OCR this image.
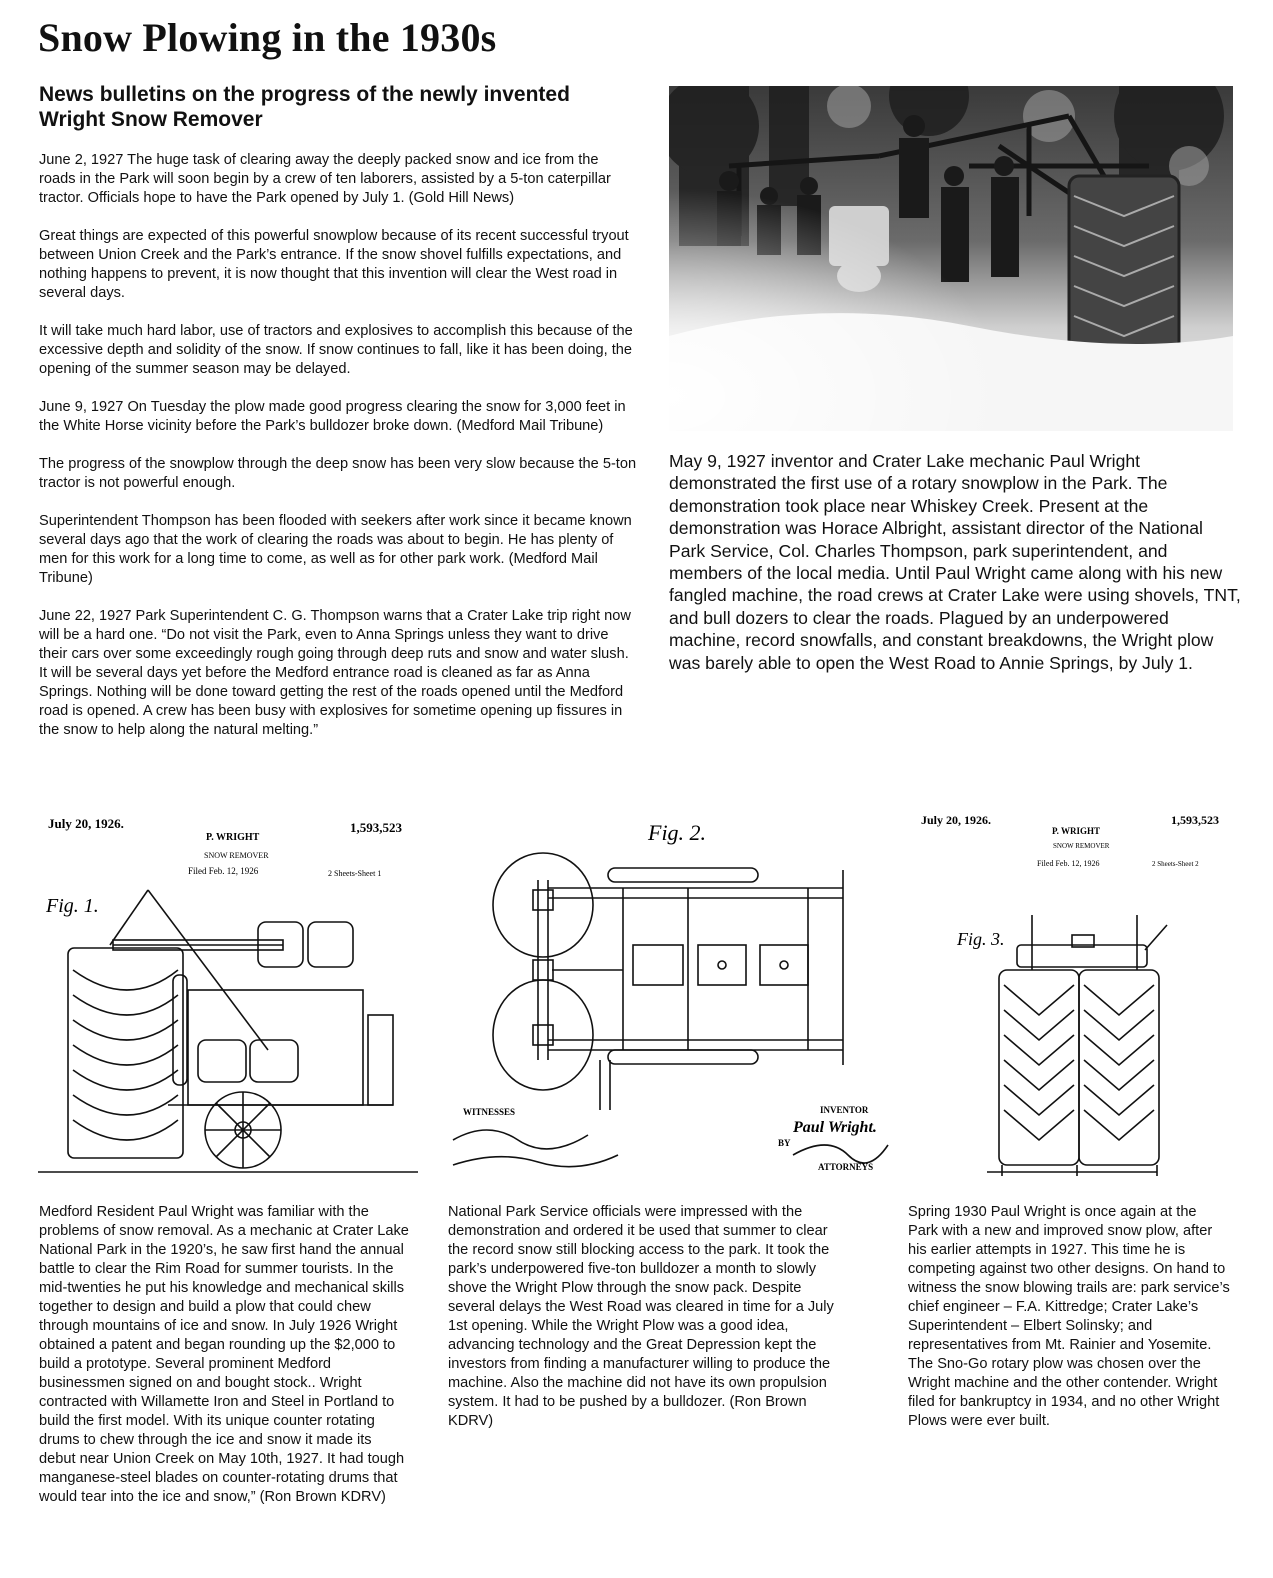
Snow Plowing in the 1930s
News bulletins on the progress of the newly invented Wright Snow Remover

June 2, 1927 The huge task of clearing away the deeply packed snow and ice from the roads in the Park will soon begin by a crew of ten laborers, assisted by a 5-ton caterpillar tractor. Officials hope to have the Park opened by July 1. (Gold Hill News)

Great things are expected of this powerful snowplow because of its recent successful tryout between Union Creek and the Park’s entrance. If the snow shovel fulfills expectations, and nothing happens to prevent, it is now thought that this invention will clear the West road in several days.

It will take much hard labor, use of tractors and explosives to accomplish this because of the excessive depth and solidity of the snow. If snow continues to fall, like it has been doing, the opening of the summer season may be delayed.

June 9, 1927 On Tuesday the plow made good progress clearing the snow for 3,000 feet in the White Horse vicinity before the Park’s bulldozer broke down. (Medford Mail Tribune)

The progress of the snowplow through the deep snow has been very slow because the 5-ton tractor is not powerful enough.

Superintendent Thompson has been flooded with seekers after work since it became known several days ago that the work of clearing the roads was about to begin. He has plenty of men for this work for a long time to come, as well as for other park work. (Medford Mail Tribune)

June 22, 1927 Park Superintendent C. G. Thompson warns that a Crater Lake trip right now will be a hard one. “Do not visit the Park, even to Anna Springs unless they want to drive their cars over some exceedingly rough going through deep ruts and snow and water slush. It will be several days yet before the Medford entrance road is cleaned as far as Anna Springs. Nothing will be done toward getting the rest of the roads opened until the Medford road is opened. A crew has been busy with explosives for sometime opening up fissures in the snow to help along the natural melting.”

May 9, 1927 inventor and Crater Lake mechanic Paul Wright demonstrated the first use of a rotary snowplow in the Park. The demonstration took place near Whiskey Creek. Present at the demonstration was Horace Albright, assistant director of the National Park Service, Col. Charles Thompson, park superintendent, and members of the local media. Until Paul Wright came along with his new fangled machine, the road crews at Crater Lake were using shovels, TNT, and bull dozers to clear the roads. Plagued by an underpowered machine, record snowfalls, and constant breakdowns, the Wright plow was barely able to open the West Road to Annie Springs, by July 1.
July 20, 1926.	1,593,523
P. WRIGHT
SNOW REMOVER
Filed Feb. 12, 1926	2 Sheets-Sheet 1
Fig. 1.
Fig. 2.
WITNESSES	INVENTOR
Paul Wright.
BY
ATTORNEYS
July 20, 1926.	1,593,523
P. WRIGHT
SNOW REMOVER
Filed Feb. 12, 1926	2 Sheets-Sheet 2
Fig. 3.

Medford Resident Paul Wright was familiar with the problems of snow removal. As a mechanic at Crater Lake National Park in the 1920’s, he saw first hand the annual battle to clear the Rim Road for summer tourists. In the mid-twenties he put his knowledge and mechanical skills together to design and build a plow that could chew through mountains of ice and snow. In July 1926 Wright obtained a patent and began rounding up the $2,000 to build a prototype. Several prominent Medford businessmen signed on and bought stock.. Wright contracted with Willamette Iron and Steel in Portland to build the first model. With its unique counter rotating drums to chew through the ice and snow it made its debut near Union Creek on May 10th, 1927. It had tough manganese-steel blades on counter-rotating drums that would tear into the ice and snow,” (Ron Brown KDRV)

National Park Service officials were impressed with the demonstration and ordered it be used that summer to clear the record snow still blocking access to the park. It took the park’s underpowered five-ton bulldozer a month to slowly shove the Wright Plow through the snow pack. Despite several delays the West Road was cleared in time for a July 1st opening. While the Wright Plow was a good idea, advancing technology and the Great Depression kept the investors from finding a manufacturer willing to produce the machine. Also the machine did not have its own propulsion system. It had to be pushed by a bulldozer. (Ron Brown KDRV)

Spring 1930 Paul Wright is once again at the Park with a new and improved snow plow, after his earlier attempts in 1927. This time he is competing against two other designs. On hand to witness the snow blowing trails are: park service’s chief engineer – F.A. Kittredge; Crater Lake’s Superintendent – Elbert Solinsky; and representatives from Mt. Rainier and Yosemite. The Sno-Go rotary plow was chosen over the Wright machine and the other contender. Wright filed for bankruptcy in 1934, and no other Wright Plows were ever built.
